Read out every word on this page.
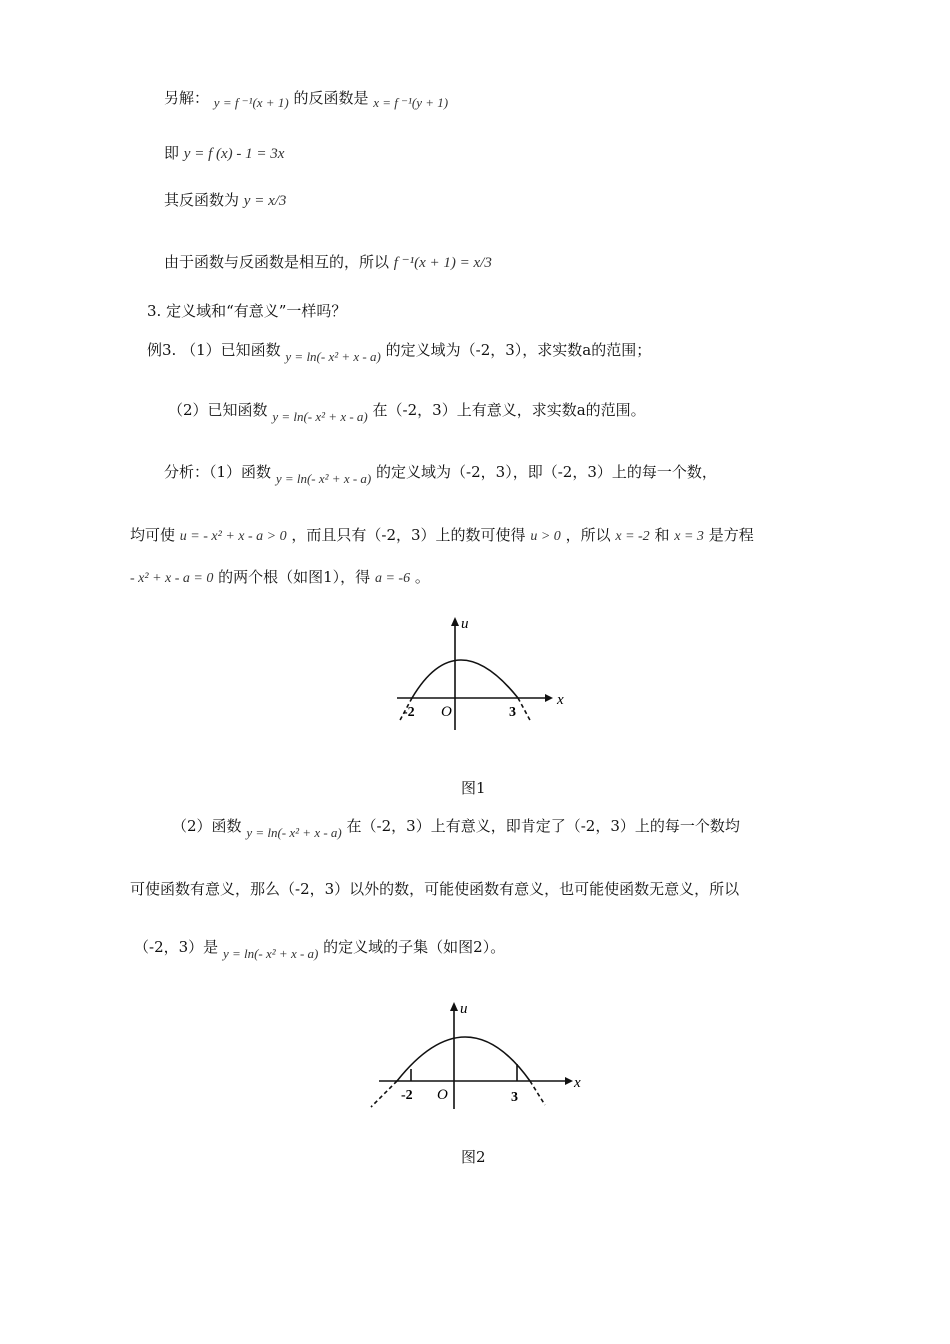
另解： y = f ⁻¹(x + 1) 的反函数是 x = f ⁻¹(y + 1)
即 y = f (x) - 1 = 3x
其反函数为 y = x/3
由于函数与反函数是相互的，所以 f ⁻¹(x + 1) = x/3
3. 定义域和“有意义”一样吗？
例3. （1）已知函数 y = ln(- x² + x - a) 的定义域为（-2，3），求实数a的范围；
（2）已知函数 y = ln(- x² + x - a) 在（-2，3）上有意义，求实数a的范围。
分析：（1）函数 y = ln(- x² + x - a) 的定义域为（-2，3），即（-2，3）上的每一个数，
均可使 u = - x² + x - a > 0 ，而且只有（-2，3）上的数可使得 u > 0 ，所以 x = -2 和 x = 3 是方程
- x² + x - a = 0 的两个根（如图1），得 a = -6 。
u
x
O
-2	3
图1
（2）函数 y = ln(- x² + x - a) 在（-2，3）上有意义，即肯定了（-2，3）上的每一个数均
可使函数有意义，那么（-2，3）以外的数，可能使函数有意义，也可能使函数无意义，所以
（-2，3）是 y = ln(- x² + x - a) 的定义域的子集（如图2）。
u
x
O
-2	3
图2
